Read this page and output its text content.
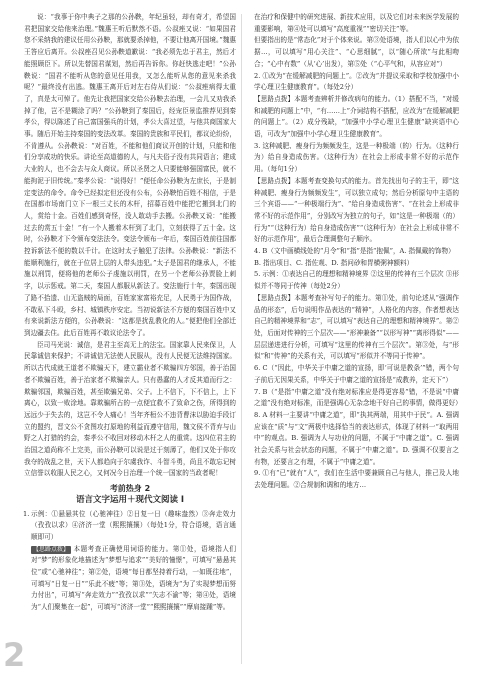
说：“我事于你中典子之那的公孙鞅，年纪虽轻，却有奇才，希望国君把国家交给他来治理。”魏惠王听后默然不语。公叔痤又说：“如果国君您不采纳我的建议任用公孙鞅，那就要杀掉他，不要让他离开国境。”魏惠王答应后离开。公叔痤召见公孙鞅道歉说：“我必须先忠于君主，然后才能照顾臣下。所以先替国君谋划，然后再告诉你。你赶快逃走吧！”公孙鞅说：“国君不能听从您的意见任用我，又怎么能听从您的意见来杀我呢？”最终没有出逃。魏惠王离开后对左右侍从们说：“公叔痤病得太重了，真是太可悼了。他先让我把国家交给公孙鞅去治理，一会儿又劝我杀掉了他，岂不是糊涂了吗？”公孙鞅到了秦国后，经宠臣景监推荐见到秦孝公，得以陈述了自己富国强兵的计划，孝公大喜过望，与他共商国家大事。随后开始主持秦国的变法改革。秦国的贵族和平民们，都议论纷纷，不肯遵从。公孙鞅说：“对百姓，不能和他们商议开创的计划，只能和他们分享成功的快乐。讲论至高道德的人，与凡夫俗子没有共同语言；建成大业的人，也不会去与众人商议。所以圣贤之人只要能够强国富民，就不能拘泥于旧传统。”秦孝公说：“说得好！”便任命公孙鞅为左庶长，于是制定变法的命令。命令已经拟定但还没有公布，公孙鞅怕百姓不相信，于是在国都市场南门立下一根三丈长的木杆，招募百姓中能把它搬到北门的人，赏给十金。百姓们感到奇怪，没人敢动手去搬。公孙鞅又说：“能搬过去的赏五十金！”有一个人搬着木杆到了北门，立刻获得了五十金。这时，公孙鞅才下令颁布变法法令。变法令颁布一年后，秦国百姓前往国都控诉新法不便的数以千计。在这时太子触犯了法律。公孙鞅说：“新法不能顺利施行，就在于位居上层的人带头违犯。”太子是国君的继承人，不能施以刑罚，便将他的老师公子虔施以刑罚，在另一个老师公孙贾脸上刺字，以示惩戒。第二天，秦国人都服从新法了。变法施行十年，秦国出现了路不拾遗、山无盗贼的局面，百姓家家富裕充足，人民勇于为国作战，不敢私下斗殴，乡村、城镇秩序安定。当初说新法不方便的秦国百姓中又有来说新法方便的，公孙鞅说：“这都是扰乱教化的人。”便把他们全部迁到边疆去住。此后百姓再不敢议论法令了。

臣司马光说：诚信，是君主至高无上的法宝。国家靠人民来保卫，人民靠诚信来保护；不讲诚信无法使人民服从，没有人民便无法维持国家。所以古代成就王道者不欺骗天下，建立霸业者不欺骗四方邻国，善于治国者不欺骗百姓，善于治家者不欺骗亲人。只有愚蠢的人才反其道而行之：欺骗邻国，欺骗百姓，甚至欺骗兄弟、父子。上不信下，下不信上，上下离心，以致一败涂地。靠欺骗所占的一点便宜救不了致命之伤，所得到的远远少于失去的，这岂不令人痛心！当年齐桓公不违背曹沫以胁迫手段订立的盟约，晋文公不贪图攻打原地的利益而遵守信用，魏文侯不背弃与山野之人打猎的约会，秦孝公不收回对移动木杆之人的重赏。这四位君主的治国之道尚称不上完美，而公孙鞅可以说是过于刻薄了，他们又处于你攻我夺的战乱之世，天下人都趋向于尔虞我诈、斗智斗勇，尚且不敢忘记树立信誉以收服人民之心，又何况今日治理一个统一国家的当政者呢！

考前热身 2
语言文字运用＋现代文阅读 I
1. 示例：①悬悬其位（心驰神往）②日复一日（趣味盎然）③奔走效力（孜孜以求）④济济一堂（熙熙攘攘）（每处1分，符合语境，语言通顺即可）
【思路点拨】 本题考查正确使用词语的能力。第①处，语境指人们对“梦”的形象化地描述为“梦想与追求”“美好的憧憬”，可填写“悬悬其位”或“心驰神往”；第②处，语境“每日都坚持着行动，一如既往地”，可填写“日复一日”“乐此不疲”等；第③处，语境为“为了实现梦想而努力付出”，可填写“奔走效力”“孜孜以求”“矢志不渝”等；第④处，语境为“人们聚集在一起”，可填写“济济一堂”“熙熙攘攘”“摩肩接踵”等。
在治疗和保健中的研究进展、新技术应用，以及它们对未来医学发展的重要影响，第④处可以填写“高度重视”“密切关注”等。
但要指出的是“常态化”对于个体来说。第③处语境，指人们以心中为依据…，可以填写“用心关注”、“心思细腻”，以“随心所欲”与此相吻合；“心中有数”（从‘心’出发），第⑤处（“心平气和，从容应对”）
2. ①改为“在缓解减肥的问题上”。②改为“并提议采取和学校加强中小学心理卫生健康教育”。（每处2分）
【思路点拨】本题考查辨析并修改病句的能力。（1）搭配不当，“对缓和减肥的问题上”中，“有……上”介词结构不搭配，应改为“在缓解减肥的问题上”。（2）成分残缺，“加强中小学心理卫生健康”缺宾语中心语，可改为“加强中小学心理卫生健康教育”。
3. 这种减肥、瘦身行为频频发生，这是一种极端（的）行为。（这种行为）给自身造成伤害。（这种行为）在社会上形成非常不好的示范作用。（每句1分）
【思路点拨】本题考查变换句式的能力。首先找出句子的主干，即“这种减肥、瘦身行为频频发生”，可以独立成句；然后分析原句中主语的三个宾语——“一种极端行为”、“给自身造成伤害”、“在社会上形成非常不好的示范作用”，分别改写为独立的句子，如“这是一种极端（的）行为”“（这种行为）给自身造成伤害”“（这种行为）在社会上形成非常不好的示范作用”，最后合理调整句子顺序。
4. B（文中画横线处的“月令”和“指”是指“抱佩”，A. 指佩戴的饰物）
B. 指出项目、C. 指佐观、D. 指问砂和胃横粥神额料）
5. 示例：①表达自己的理想和精神境界 ②这里的传神有三个层次 ③形似并不等同于传神（每处2分）
【思路点拨】本题考查补写句子的能力。第①处，前句论述从“强调作品的形态”，后句说明作品表达的“精神”，人格化的内容，作者想表达自己的精神境界和“志”，可以填写“表达自己的理想和精神境界”。第②处，后面对传神的三个层次——“形神兼备”“以形写神”“离形得似”——层层递进进行分析，可填写“这里的传神有三个层次”。第③处，与“形似”和“传神”的关系有关，可以填写“形似并不等同于传神”。
6. C（“因此，中华关于中庸之道的宣扬，即‘可说是教条’”错，两个句子前后无因果关系，中华关于中庸之道的宣扬是“成教养，定天下”）
7. B（“是指“中庸之道”没有绝对标准应是得更容易”错，不是说“中庸之道”没有绝对标准，而是强调心无杂念地干好自己的事情，做得更好）
8. A 材料一主要讲“中庸之道”，即“执其两端，用其中于民”。A. 强调应该在“质”与“文”两极中选择恰当的表达形式，体现了材料一“取两用中”的观点。B. 强调为人与功业的问题，不属于“中庸之道”。C. 强调社会关系与社会状态的问题，不属于“中庸之道”。D. 强调不仅要言之有物，还要言之有理，不属于“中庸之道”。
9. ①有“已”就有“人”，我们在生活中要兼顾自己与他人，推己及人地去处理问题。②合规制和调和的地方…
2
